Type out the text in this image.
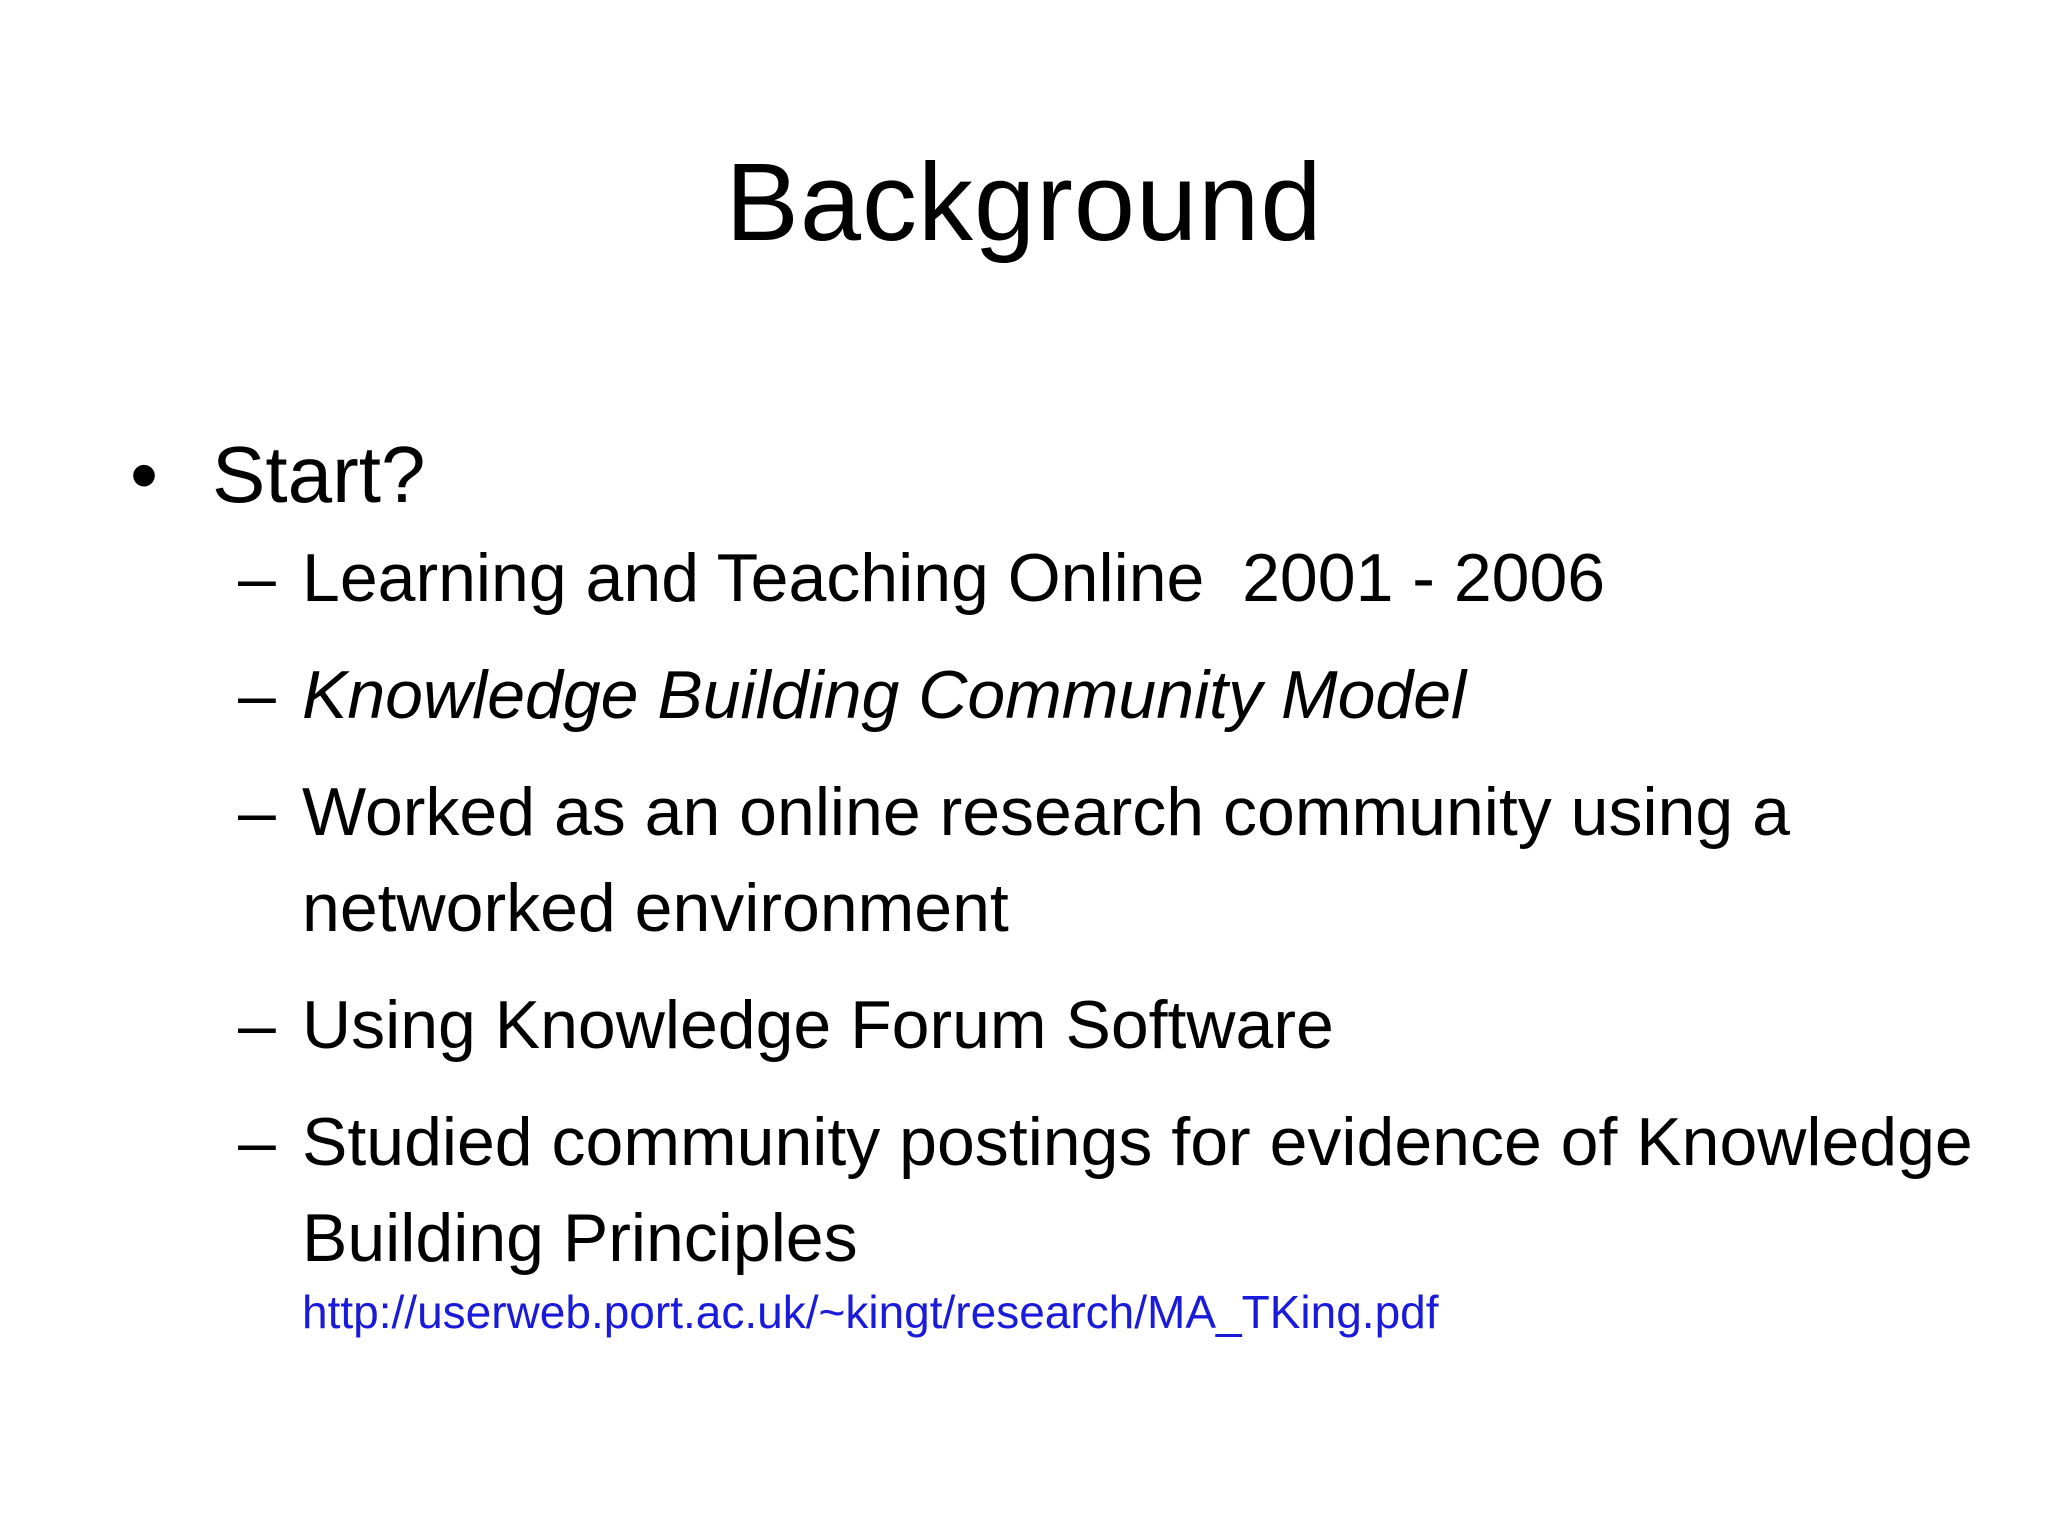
Background
• Start?
– Learning and Teaching Online  2001 - 2006
– Knowledge Building Community Model
– Worked as an online research community using a networked environment
– Using Knowledge Forum Software
– Studied community postings for evidence of Knowledge Building Principles
http://userweb.port.ac.uk/~kingt/research/MA_TKing.pdf
